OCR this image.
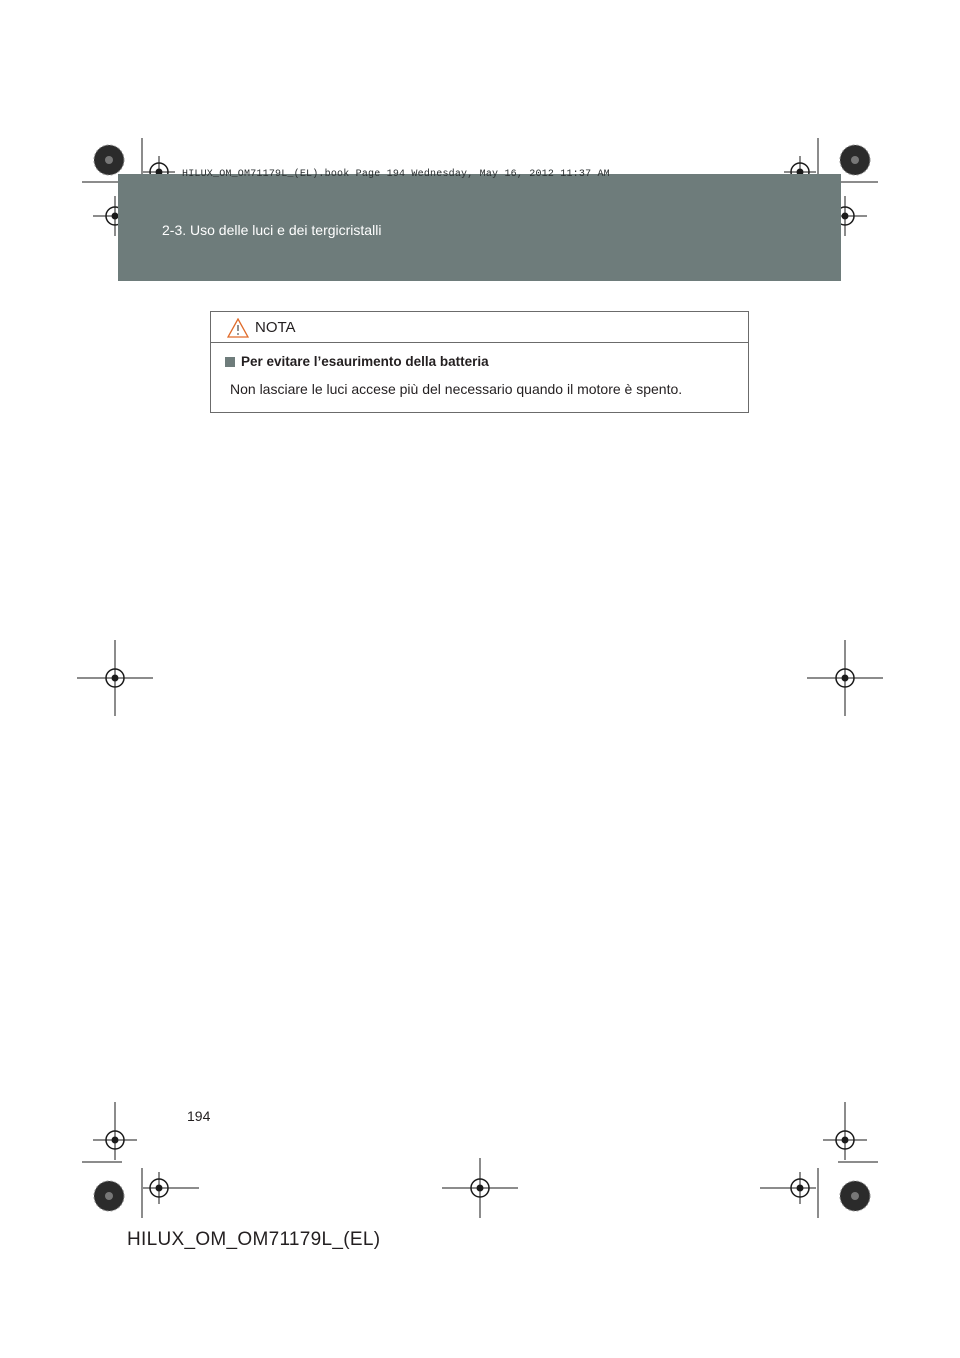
HILUX_OM_OM71179L_(EL).book Page 194 Wednesday, May 16, 2012 11:37 AM
2-3. Uso delle luci e dei tergicristalli
NOTA
Per evitare l’esaurimento della batteria
Non lasciare le luci accese più del necessario quando il motore è spento.
194
HILUX_OM_OM71179L_(EL)
